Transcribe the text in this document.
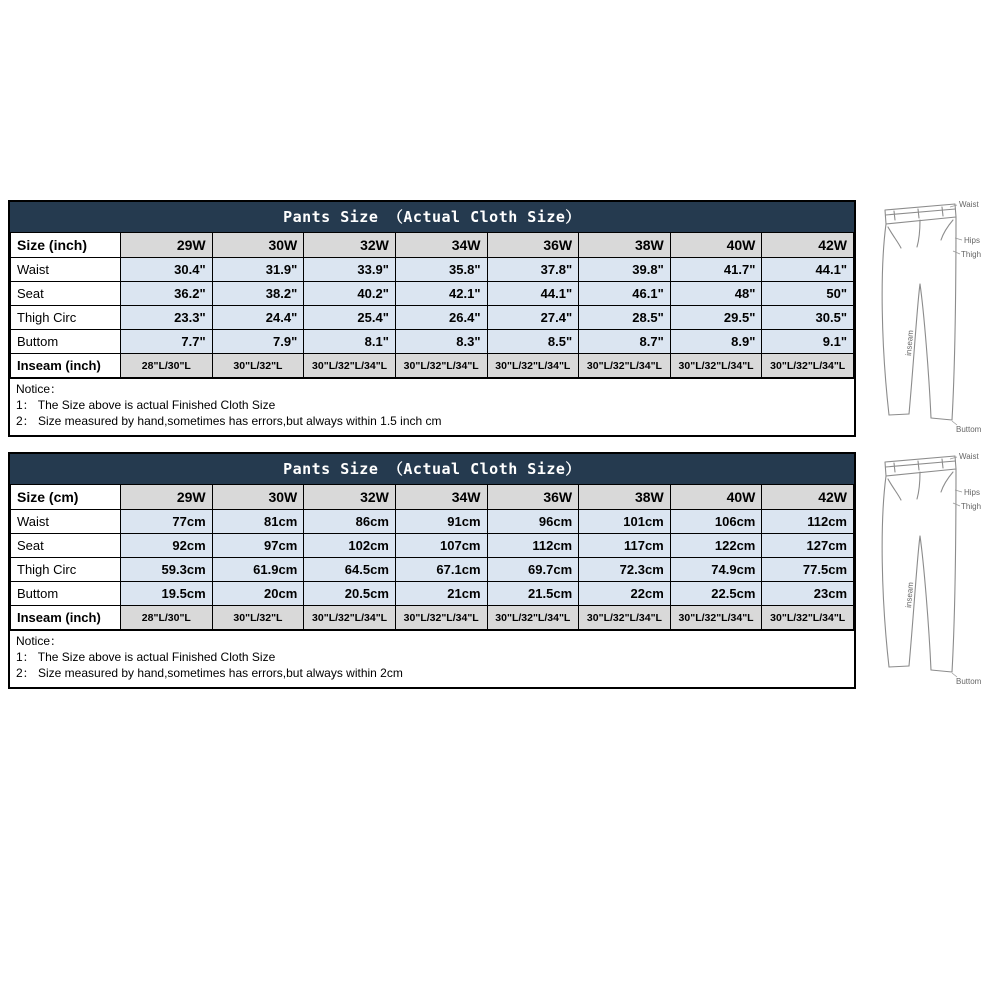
Pants Size （Actual Cloth Size）
Size (inch)	29W	30W	32W	34W	36W	38W	40W	42W
Waist	30.4"	31.9"	33.9"	35.8"	37.8"	39.8"	41.7"	44.1"
Seat	36.2"	38.2"	40.2"	42.1"	44.1"	46.1"	48"	50"
Thigh Circ	23.3"	24.4"	25.4"	26.4"	27.4"	28.5"	29.5"	30.5"
Buttom	7.7"	7.9"	8.1"	8.3"	8.5"	8.7"	8.9"	9.1"
Inseam (inch)	28"L/30"L	30"L/32"L	30"L/32"L/34"L	30"L/32"L/34"L	30"L/32"L/34"L	30"L/32"L/34"L	30"L/32"L/34"L	30"L/32"L/34"L
Notice：
1： The Size above is actual Finished Cloth Size
2： Size measured by hand,sometimes has errors,but always within 1.5 inch cm
Waist
Hips
Thigh
inseam
Buttom
Pants Size （Actual Cloth Size）
Size (cm)	29W	30W	32W	34W	36W	38W	40W	42W
Waist	77cm	81cm	86cm	91cm	96cm	101cm	106cm	112cm
Seat	92cm	97cm	102cm	107cm	112cm	117cm	122cm	127cm
Thigh Circ	59.3cm	61.9cm	64.5cm	67.1cm	69.7cm	72.3cm	74.9cm	77.5cm
Buttom	19.5cm	20cm	20.5cm	21cm	21.5cm	22cm	22.5cm	23cm
Inseam (inch)	28"L/30"L	30"L/32"L	30"L/32"L/34"L	30"L/32"L/34"L	30"L/32"L/34"L	30"L/32"L/34"L	30"L/32"L/34"L	30"L/32"L/34"L
Notice：
1： The Size above is actual Finished Cloth Size
2： Size measured by hand,sometimes has errors,but always within 2cm
Waist
Hips
Thigh
inseam
Buttom
